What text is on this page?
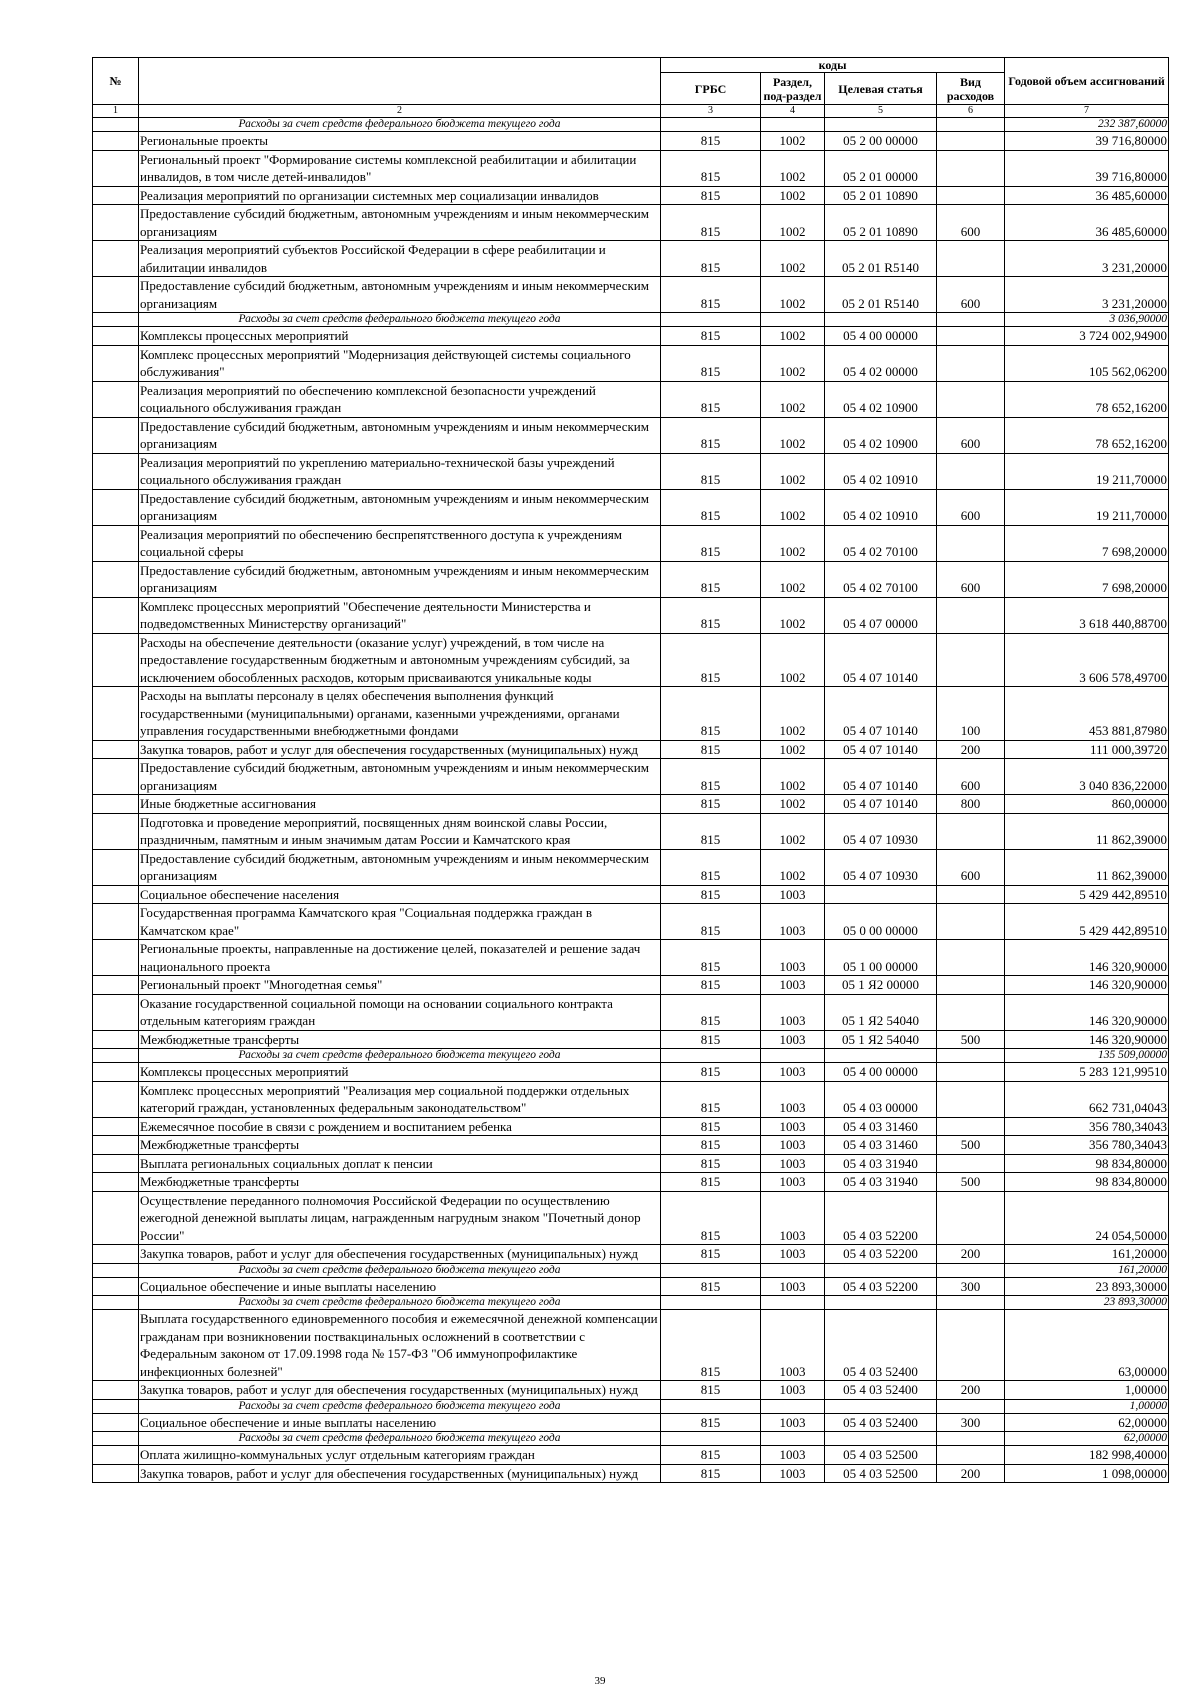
№		коды				Годовой объем ассигнований
		ГРБС	Раздел, под-раздел	Целевая статья	Вид расходов	
1	2	3	4	5	6	7
	Расходы за счет средств федерального бюджета текущего года					232 387,60000
	Региональные проекты	815	1002	05 2 00 00000		39 716,80000
	Региональный проект "Формирование системы комплексной реабилитации и абилитации инвалидов, в том числе детей-инвалидов"	815	1002	05 2 01 00000		39 716,80000
	Реализация мероприятий по организации системных мер социализации инвалидов	815	1002	05 2 01 10890		36 485,60000
	Предоставление субсидий бюджетным, автономным учреждениям и иным некоммерческим организациям	815	1002	05 2 01 10890	600	36 485,60000
	Реализация мероприятий субъектов Российской Федерации в сфере реабилитации и абилитации инвалидов	815	1002	05 2 01 R5140		3 231,20000
	Предоставление субсидий бюджетным, автономным учреждениям и иным некоммерческим организациям	815	1002	05 2 01 R5140	600	3 231,20000
	Расходы за счет средств федерального бюджета текущего года					3 036,90000
	Комплексы процессных мероприятий	815	1002	05 4 00 00000		3 724 002,94900
	Комплекс процессных мероприятий "Модернизация действующей системы социального обслуживания"	815	1002	05 4 02 00000		105 562,06200
	Реализация мероприятий по обеспечению комплексной безопасности учреждений социального обслуживания граждан	815	1002	05 4 02 10900		78 652,16200
	Предоставление субсидий бюджетным, автономным учреждениям и иным некоммерческим организациям	815	1002	05 4 02 10900	600	78 652,16200
	Реализация мероприятий по укреплению материально-технической базы учреждений социального обслуживания граждан	815	1002	05 4 02 10910		19 211,70000
	Предоставление субсидий бюджетным, автономным учреждениям и иным некоммерческим организациям	815	1002	05 4 02 10910	600	19 211,70000
	Реализация мероприятий по обеспечению беспрепятственного доступа к учреждениям социальной сферы	815	1002	05 4 02 70100		7 698,20000
	Предоставление субсидий бюджетным, автономным учреждениям и иным некоммерческим организациям	815	1002	05 4 02 70100	600	7 698,20000
	Комплекс процессных мероприятий "Обеспечение деятельности Министерства и подведомственных Министерству организаций"	815	1002	05 4 07 00000		3 618 440,88700
	Расходы на обеспечение деятельности (оказание услуг) учреждений, в том числе на предоставление государственным бюджетным и автономным учреждениям субсидий, за исключением обособленных расходов, которым присваиваются уникальные коды	815	1002	05 4 07 10140		3 606 578,49700
	Расходы на выплаты персоналу в целях обеспечения выполнения функций государственными (муниципальными) органами, казенными учреждениями, органами управления государственными внебюджетными фондами	815	1002	05 4 07 10140	100	453 881,87980
	Закупка товаров, работ и услуг для обеспечения государственных (муниципальных) нужд	815	1002	05 4 07 10140	200	111 000,39720
	Предоставление субсидий бюджетным, автономным учреждениям и иным некоммерческим организациям	815	1002	05 4 07 10140	600	3 040 836,22000
	Иные бюджетные ассигнования	815	1002	05 4 07 10140	800	860,00000
	Подготовка и проведение мероприятий, посвященных дням воинской славы России, праздничным, памятным и иным значимым датам России и Камчатского края	815	1002	05 4 07 10930		11 862,39000
	Предоставление субсидий бюджетным, автономным учреждениям и иным некоммерческим организациям	815	1002	05 4 07 10930	600	11 862,39000
	Социальное обеспечение населения	815	1003			5 429 442,89510
	Государственная программа Камчатского края "Социальная поддержка граждан в Камчатском крае"	815	1003	05 0 00 00000		5 429 442,89510
	Региональные проекты, направленные на достижение целей, показателей и решение задач национального проекта	815	1003	05 1 00 00000		146 320,90000
	Региональный проект "Многодетная семья"	815	1003	05 1 Я2 00000		146 320,90000
	Оказание государственной социальной помощи на основании социального контракта отдельным категориям граждан	815	1003	05 1 Я2 54040		146 320,90000
	Межбюджетные трансферты	815	1003	05 1 Я2 54040	500	146 320,90000
	Расходы за счет средств федерального бюджета текущего года					135 509,00000
	Комплексы процессных мероприятий	815	1003	05 4 00 00000		5 283 121,99510
	Комплекс процессных мероприятий "Реализация мер социальной поддержки отдельных категорий граждан, установленных федеральным законодательством"	815	1003	05 4 03 00000		662 731,04043
	Ежемесячное пособие в связи с рождением и воспитанием ребенка	815	1003	05 4 03 31460		356 780,34043
	Межбюджетные трансферты	815	1003	05 4 03 31460	500	356 780,34043
	Выплата региональных социальных доплат к пенсии	815	1003	05 4 03 31940		98 834,80000
	Межбюджетные трансферты	815	1003	05 4 03 31940	500	98 834,80000
	Осуществление переданного полномочия Российской Федерации по осуществлению ежегодной денежной выплаты лицам, награжденным нагрудным знаком "Почетный донор России"	815	1003	05 4 03 52200		24 054,50000
	Закупка товаров, работ и услуг для обеспечения государственных (муниципальных) нужд	815	1003	05 4 03 52200	200	161,20000
	Расходы за счет средств федерального бюджета текущего года					161,20000
	Социальное обеспечение и иные выплаты населению	815	1003	05 4 03 52200	300	23 893,30000
	Расходы за счет средств федерального бюджета текущего года					23 893,30000
	Выплата государственного единовременного пособия и ежемесячной денежной компенсации гражданам при возникновении поствакцинальных осложнений в соответствии с Федеральным законом от 17.09.1998 года № 157-ФЗ "Об иммунопрофилактике инфекционных болезней"	815	1003	05 4 03 52400		63,00000
	Закупка товаров, работ и услуг для обеспечения государственных (муниципальных) нужд	815	1003	05 4 03 52400	200	1,00000
	Расходы за счет средств федерального бюджета текущего года					1,00000
	Социальное обеспечение и иные выплаты населению	815	1003	05 4 03 52400	300	62,00000
	Расходы за счет средств федерального бюджета текущего года					62,00000
	Оплата жилищно-коммунальных услуг отдельным категориям граждан	815	1003	05 4 03 52500		182 998,40000
	Закупка товаров, работ и услуг для обеспечения государственных (муниципальных) нужд	815	1003	05 4 03 52500	200	1 098,00000
39
